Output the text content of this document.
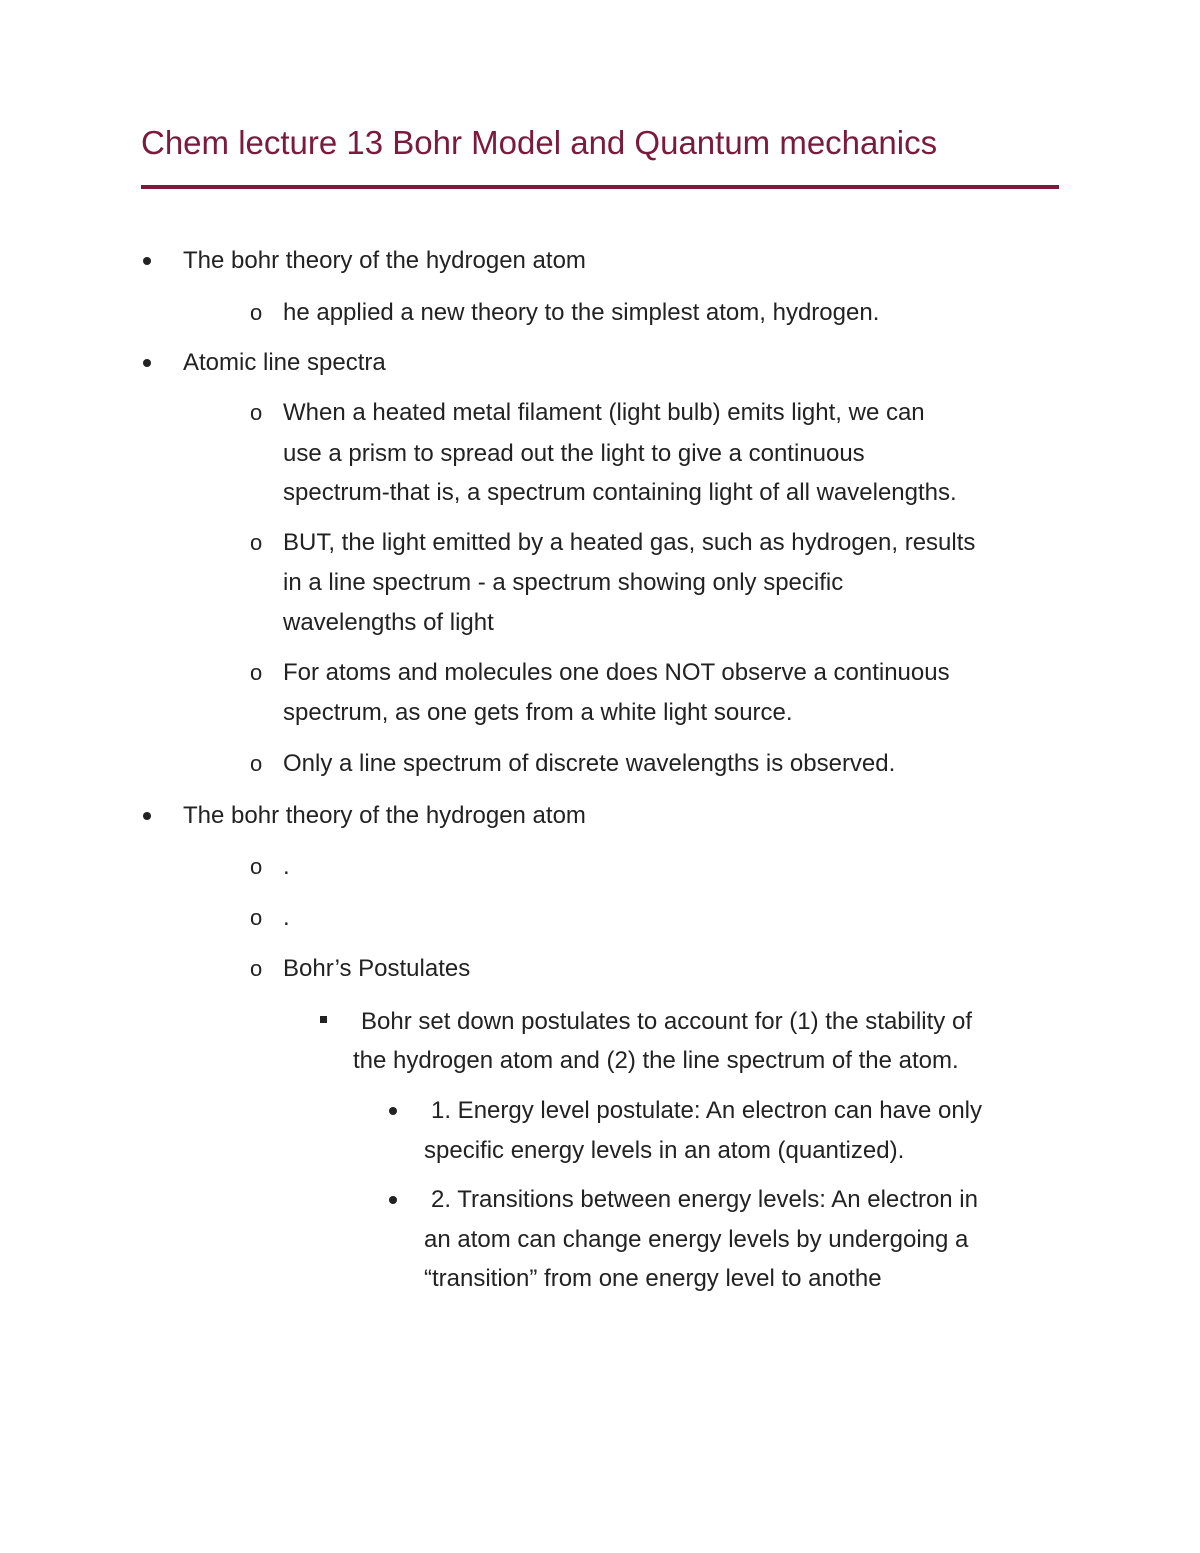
Chem lecture 13 Bohr Model and Quantum mechanics
The bohr theory of the hydrogen atom
o he applied a new theory to the simplest atom, hydrogen.
Atomic line spectra
o When a heated metal filament (light bulb) emits light, we can
use a prism to spread out the light to give a continuous
spectrum-that is, a spectrum containing light of all wavelengths.
o BUT, the light emitted by a heated gas, such as hydrogen, results
in a line spectrum - a spectrum showing only specific
wavelengths of light
o For atoms and molecules one does NOT observe a continuous
spectrum, as one gets from a white light source.
o Only a line spectrum of discrete wavelengths is observed.
The bohr theory of the hydrogen atom
o .
o .
o Bohr’s Postulates
Bohr set down postulates to account for (1) the stability of
the hydrogen atom and (2) the line spectrum of the atom.
1. Energy level postulate: An electron can have only
specific energy levels in an atom (quantized).
2. Transitions between energy levels: An electron in
an atom can change energy levels by undergoing a
“transition” from one energy level to anothe
